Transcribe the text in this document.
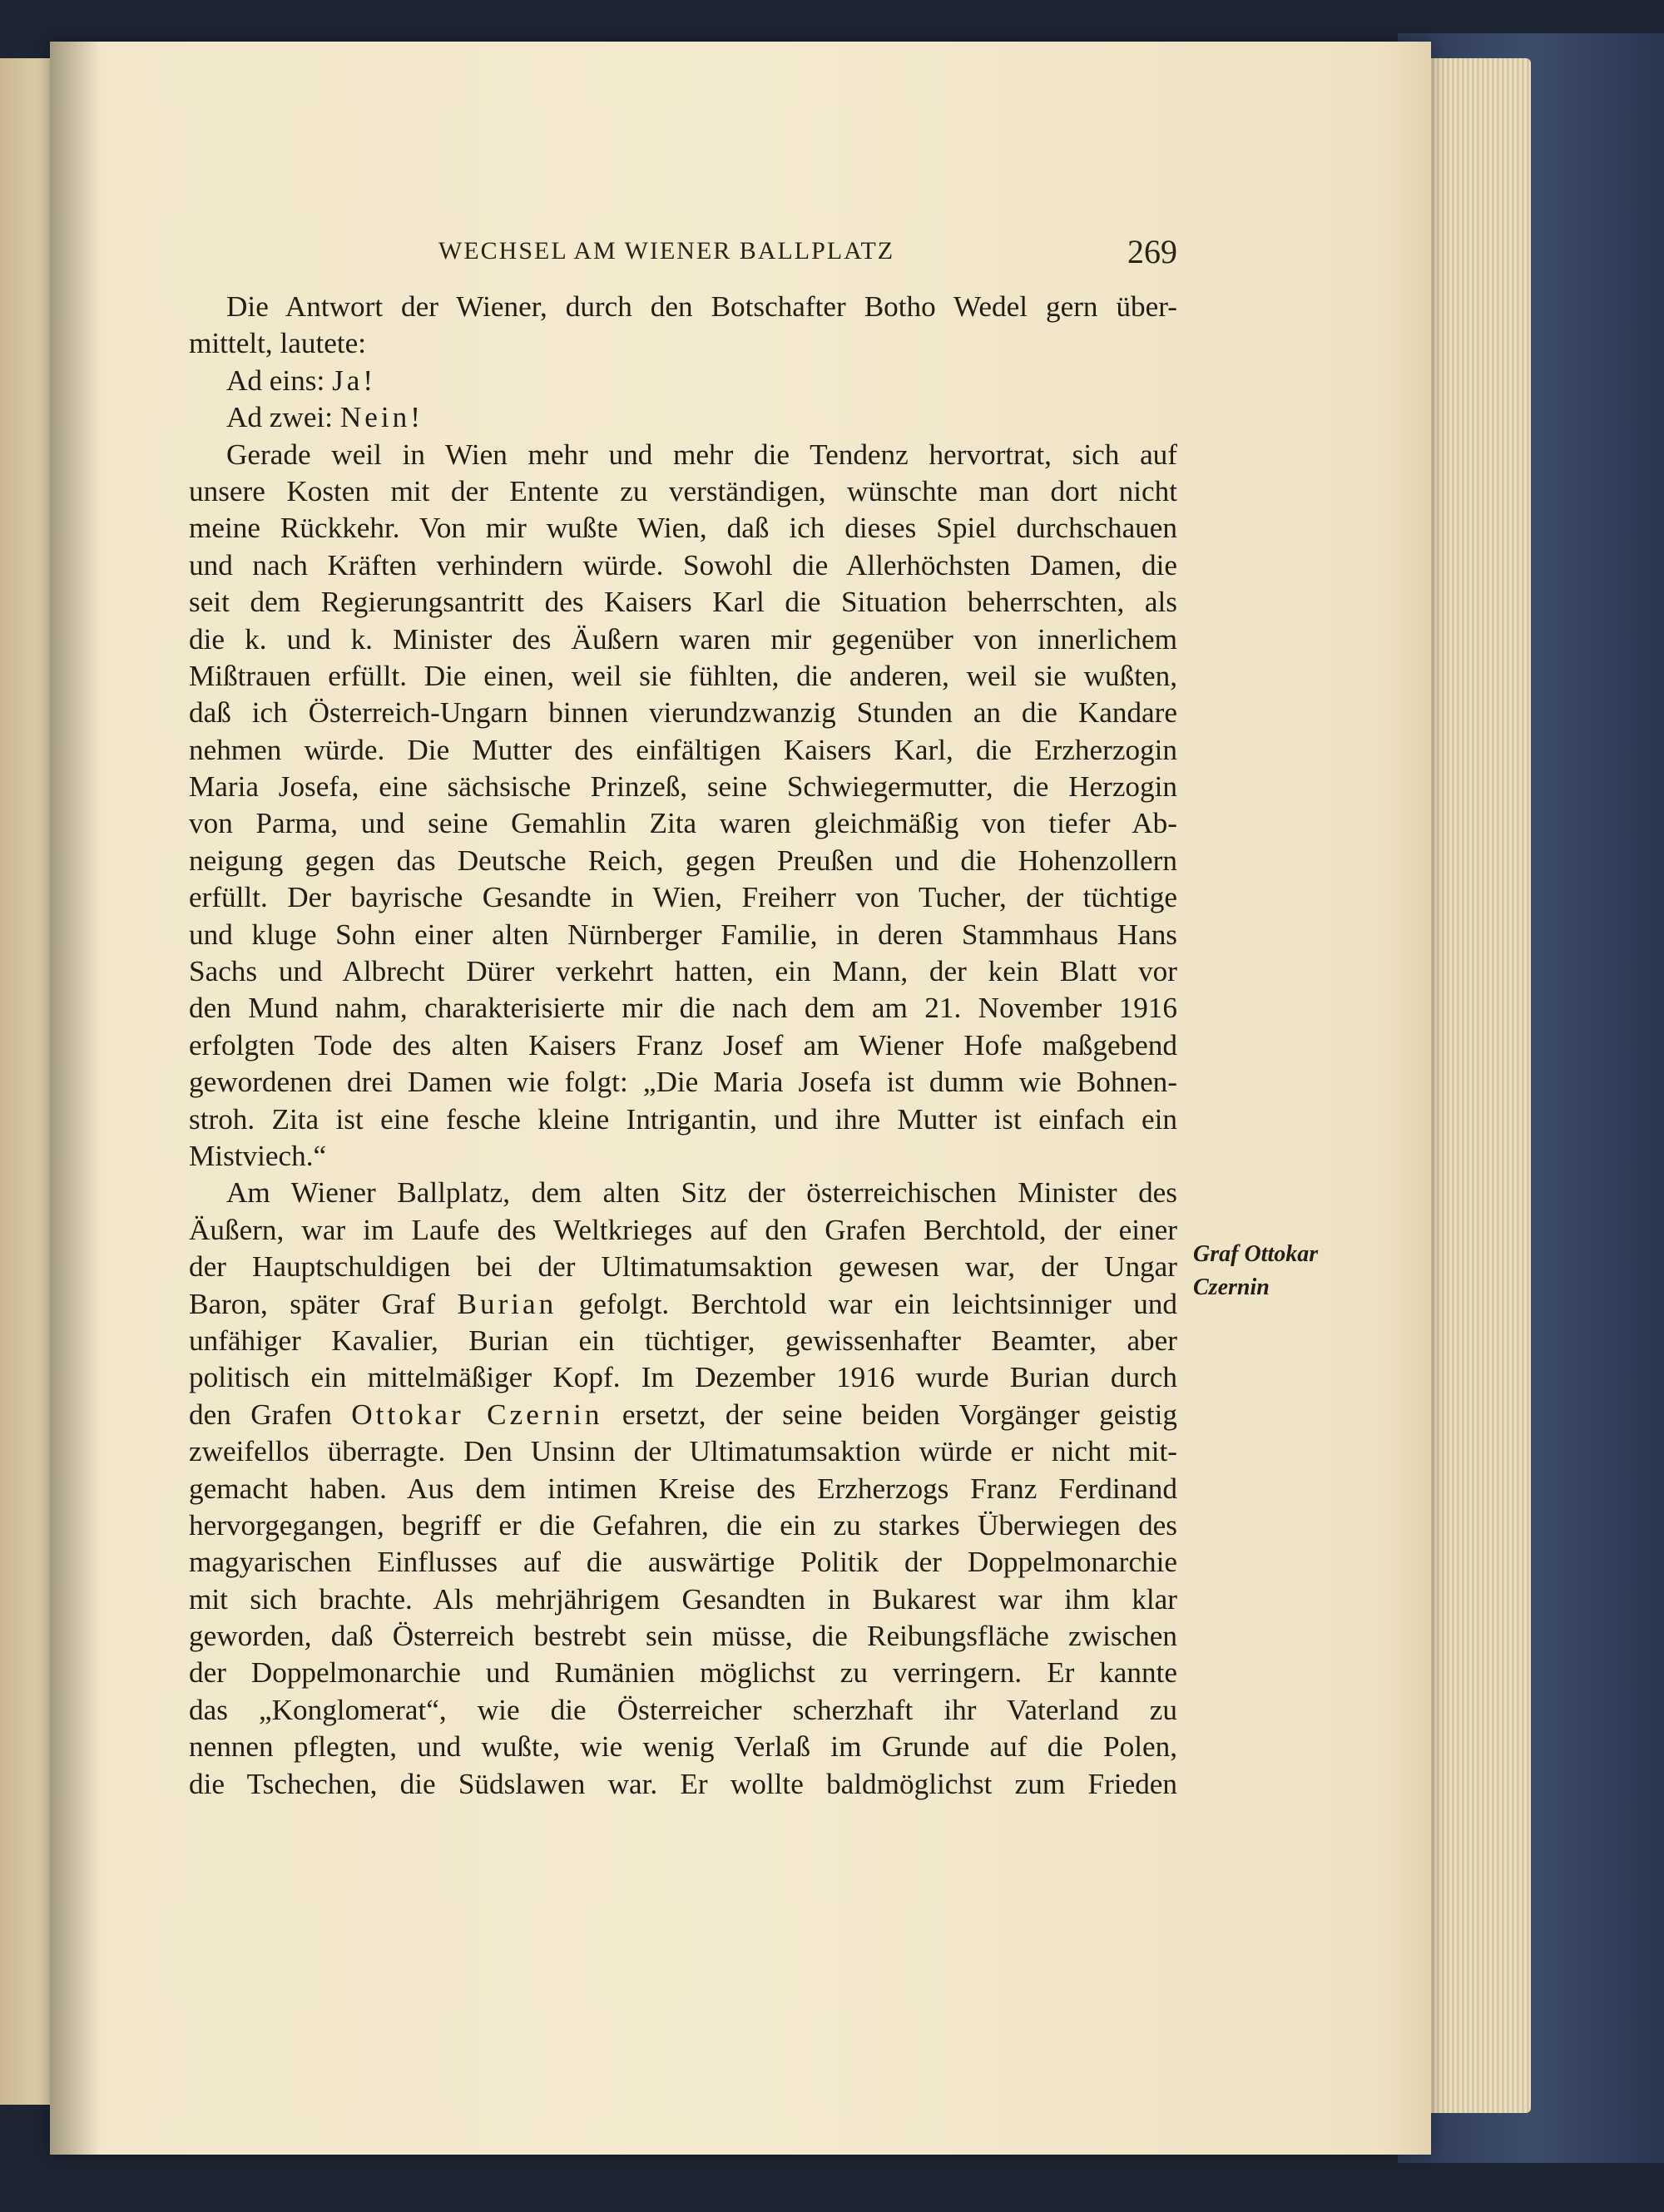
WECHSEL AM WIENER BALLPLATZ	269
Die Antwort der Wiener, durch den Botschafter Botho Wedel gern über-
mittelt, lautete:
Ad eins: Ja!
Ad zwei: Nein!
Gerade weil in Wien mehr und mehr die Tendenz hervortrat, sich auf
unsere Kosten mit der Entente zu verständigen, wünschte man dort nicht
meine Rückkehr. Von mir wußte Wien, daß ich dieses Spiel durchschauen
und nach Kräften verhindern würde. Sowohl die Allerhöchsten Damen, die
seit dem Regierungsantritt des Kaisers Karl die Situation beherrschten, als
die k. und k. Minister des Äußern waren mir gegenüber von innerlichem
Mißtrauen erfüllt. Die einen, weil sie fühlten, die anderen, weil sie wußten,
daß ich Österreich-Ungarn binnen vierundzwanzig Stunden an die Kandare
nehmen würde. Die Mutter des einfältigen Kaisers Karl, die Erzherzogin
Maria Josefa, eine sächsische Prinzeß, seine Schwiegermutter, die Herzogin
von Parma, und seine Gemahlin Zita waren gleichmäßig von tiefer Ab-
neigung gegen das Deutsche Reich, gegen Preußen und die Hohenzollern
erfüllt. Der bayrische Gesandte in Wien, Freiherr von Tucher, der tüchtige
und kluge Sohn einer alten Nürnberger Familie, in deren Stammhaus Hans
Sachs und Albrecht Dürer verkehrt hatten, ein Mann, der kein Blatt vor
den Mund nahm, charakterisierte mir die nach dem am 21. November 1916
erfolgten Tode des alten Kaisers Franz Josef am Wiener Hofe maßgebend
gewordenen drei Damen wie folgt: „Die Maria Josefa ist dumm wie Bohnen-
stroh. Zita ist eine fesche kleine Intrigantin, und ihre Mutter ist einfach ein
Mistviech.“
Am Wiener Ballplatz, dem alten Sitz der österreichischen Minister des
Äußern, war im Laufe des Weltkrieges auf den Grafen Berchtold, der einer
der Hauptschuldigen bei der Ultimatumsaktion gewesen war, der Ungar
Baron, später Graf Burian gefolgt. Berchtold war ein leichtsinniger und
unfähiger Kavalier, Burian ein tüchtiger, gewissenhafter Beamter, aber
politisch ein mittelmäßiger Kopf. Im Dezember 1916 wurde Burian durch
den Grafen Ottokar Czernin ersetzt, der seine beiden Vorgänger geistig
zweifellos überragte. Den Unsinn der Ultimatumsaktion würde er nicht mit-
gemacht haben. Aus dem intimen Kreise des Erzherzogs Franz Ferdinand
hervorgegangen, begriff er die Gefahren, die ein zu starkes Überwiegen des
magyarischen Einflusses auf die auswärtige Politik der Doppelmonarchie
mit sich brachte. Als mehrjährigem Gesandten in Bukarest war ihm klar
geworden, daß Österreich bestrebt sein müsse, die Reibungsfläche zwischen
der Doppelmonarchie und Rumänien möglichst zu verringern. Er kannte
das „Konglomerat“, wie die Österreicher scherzhaft ihr Vaterland zu
nennen pflegten, und wußte, wie wenig Verlaß im Grunde auf die Polen,
die Tschechen, die Südslawen war. Er wollte baldmöglichst zum Frieden
Graf Ottokar
Czernin
